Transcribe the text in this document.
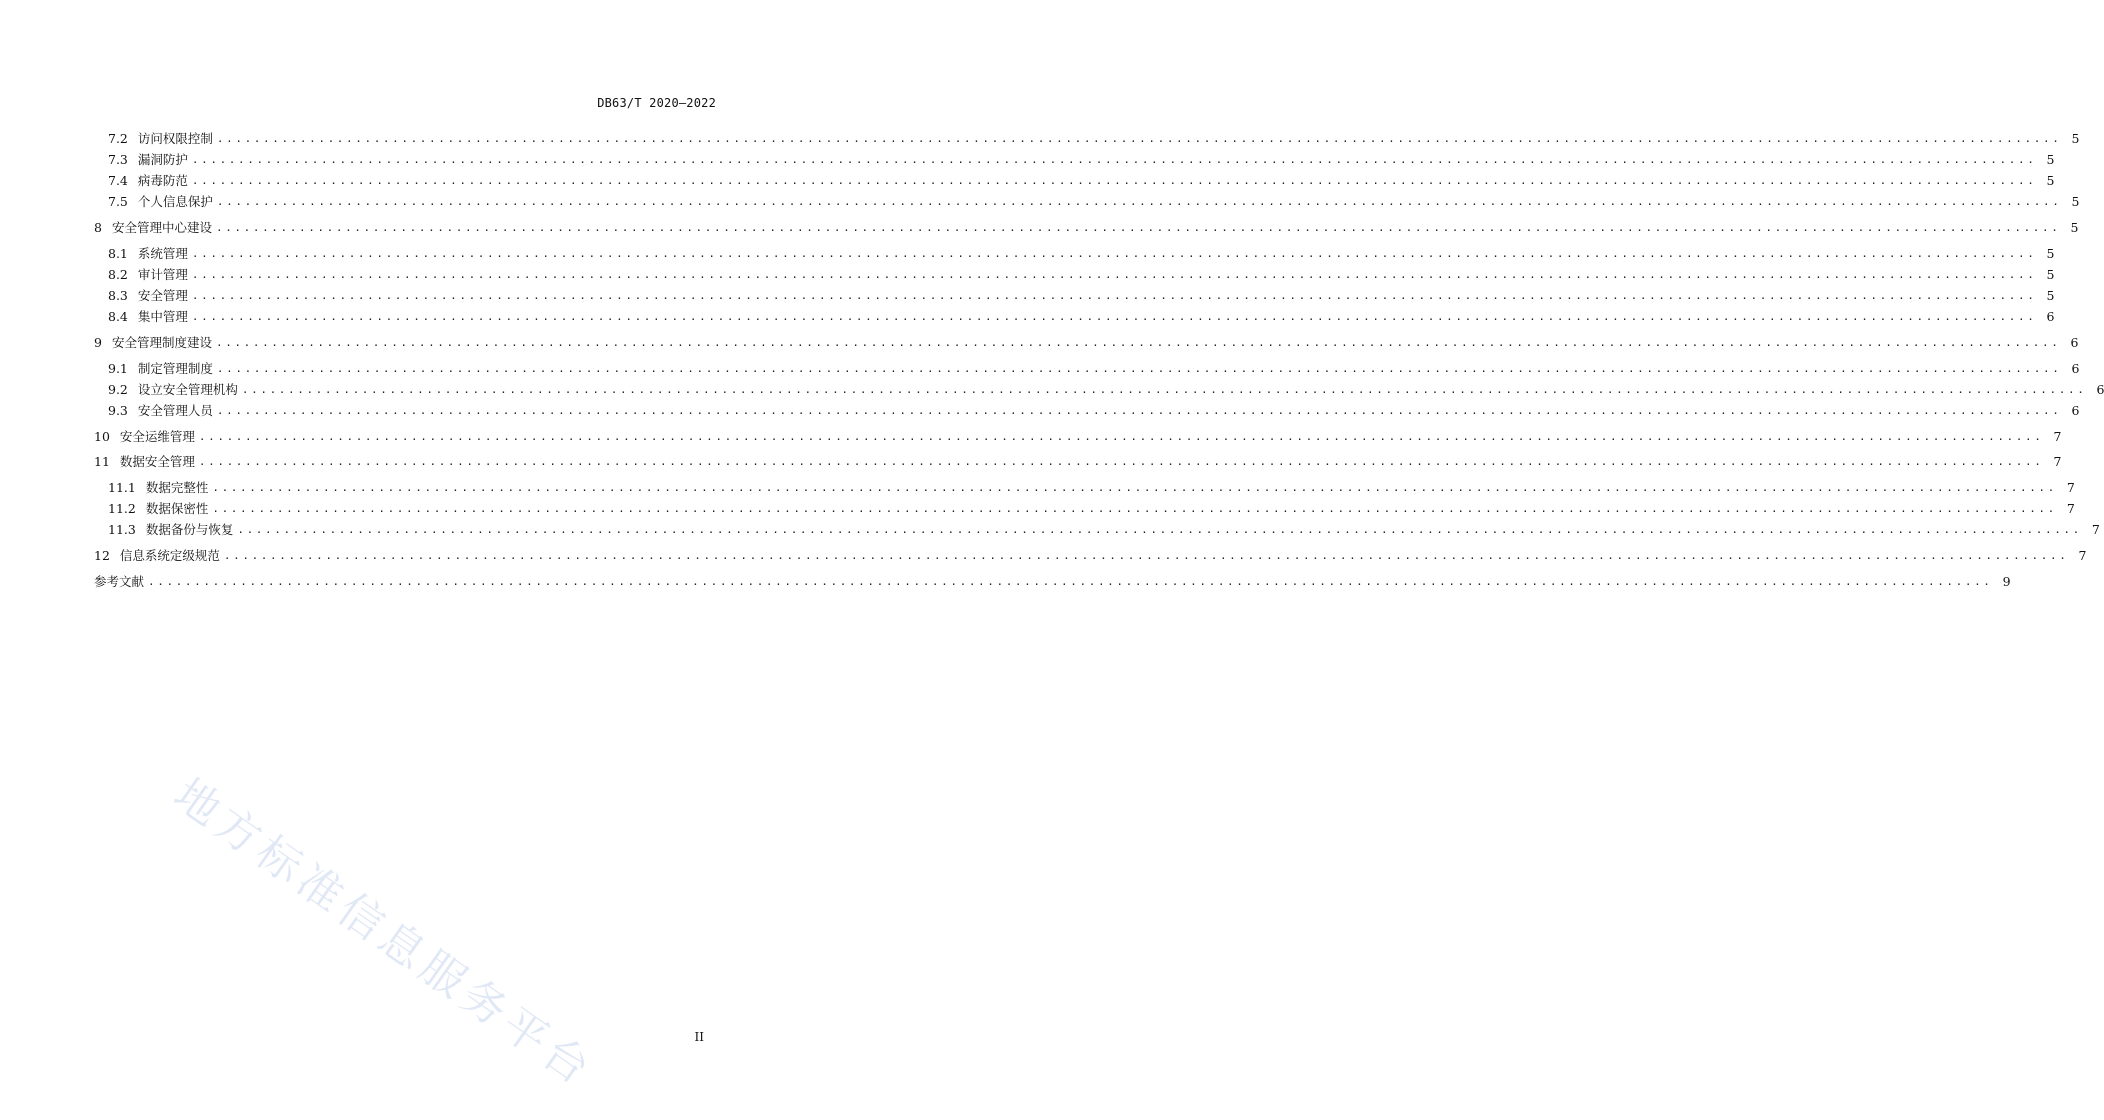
DB63/T 2020—2022
7.2 访问权限控制 ........................................................................................................................................................................................................ 5
7.3 漏洞防护 ........................................................................................................................................................................................................ 5
7.4 病毒防范 ........................................................................................................................................................................................................ 5
7.5 个人信息保护 ........................................................................................................................................................................................................ 5
8 安全管理中心建设 ........................................................................................................................................................................................................ 5
8.1 系统管理 ........................................................................................................................................................................................................ 5
8.2 审计管理 ........................................................................................................................................................................................................ 5
8.3 安全管理 ........................................................................................................................................................................................................ 5
8.4 集中管理 ........................................................................................................................................................................................................ 6
9 安全管理制度建设 ........................................................................................................................................................................................................ 6
9.1 制定管理制度 ........................................................................................................................................................................................................ 6
9.2 设立安全管理机构 ........................................................................................................................................................................................................ 6
9.3 安全管理人员 ........................................................................................................................................................................................................ 6
10 安全运维管理 ........................................................................................................................................................................................................ 7
11 数据安全管理 ........................................................................................................................................................................................................ 7
11.1 数据完整性 ........................................................................................................................................................................................................ 7
11.2 数据保密性 ........................................................................................................................................................................................................ 7
11.3 数据备份与恢复 ........................................................................................................................................................................................................ 7
12 信息系统定级规范 ........................................................................................................................................................................................................ 7
参考文献 ........................................................................................................................................................................................................ 9
地方标准信息服务平台	II
